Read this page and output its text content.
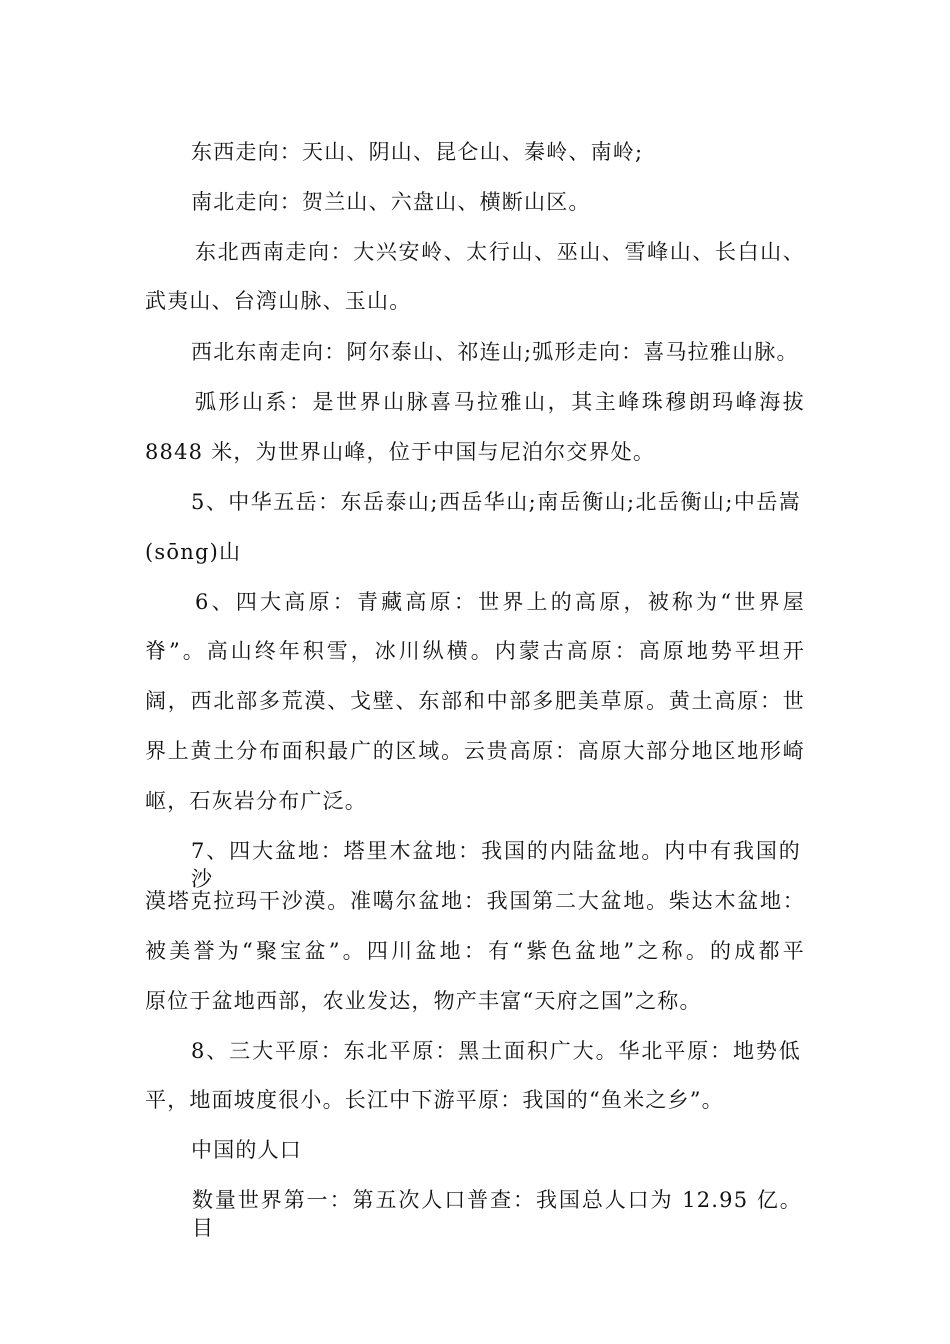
东西走向：天山、阴山、昆仑山、秦岭、南岭;
南北走向：贺兰山、六盘山、横断山区。
东北西南走向：大兴安岭、太行山、巫山、雪峰山、长白山、
武夷山、台湾山脉、玉山。
西北东南走向：阿尔泰山、祁连山;弧形走向：喜马拉雅山脉。
弧形山系：是世界山脉喜马拉雅山，其主峰珠穆朗玛峰海拔
8848 米，为世界山峰，位于中国与尼泊尔交界处。
5、中华五岳：东岳泰山;西岳华山;南岳衡山;北岳衡山;中岳嵩
(sōng)山
6、四大高原：青藏高原：世界上的高原，被称为“世界屋
脊”。高山终年积雪，冰川纵横。内蒙古高原：高原地势平坦开
阔，西北部多荒漠、戈壁、东部和中部多肥美草原。黄土高原：世
界上黄土分布面积最广的区域。云贵高原：高原大部分地区地形崎
岖，石灰岩分布广泛。
7、四大盆地：塔里木盆地：我国的内陆盆地。内中有我国的沙
漠塔克拉玛干沙漠。准噶尔盆地：我国第二大盆地。柴达木盆地：
被美誉为“聚宝盆”。四川盆地：有“紫色盆地”之称。的成都平
原位于盆地西部，农业发达，物产丰富“天府之国”之称。
8、三大平原：东北平原：黑土面积广大。华北平原：地势低
平，地面坡度很小。长江中下游平原：我国的“鱼米之乡”。
中国的人口
数量世界第一：第五次人口普查：我国总人口为 12.95 亿。目
